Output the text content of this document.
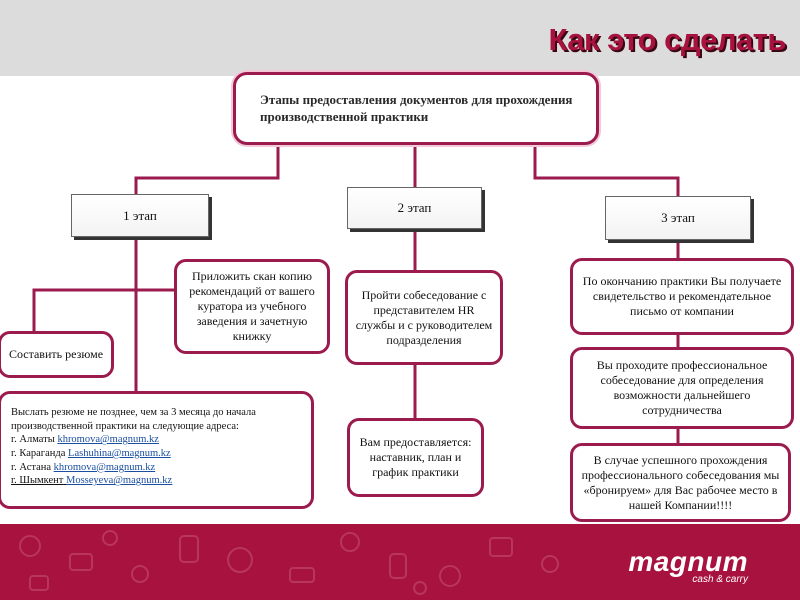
Как это сделать
Этапы предоставления документов для прохождения производственной практики
1 этап	2 этап
3 этап
Приложить скан копию рекомендаций от вашего куратора из учебного заведения и зачетную книжку
Составить резюме
Выслать резюме не позднее, чем за 3 месяца до начала производственной практики на следующие адреса:
г. Алматы khromova@magnum.kz
г. Караганда Lashuhina@magnum.kz
г. Астана khromova@magnum.kz
г. Шымкент Mosseyeva@magnum.kz
Пройти собеседование с представителем HR службы и с руководителем подразделения
Вам предоставляется: наставник, план и график практики
По окончанию практики Вы получаете свидетельство и рекомендательное письмо от компании
Вы проходите профессиональное собеседование для определения возможности дальнейшего сотрудничества
В случае успешного прохождения профессионального собеседования мы «бронируем» для Вас рабочее место в нашей Компании!!!!
magnum
cash & carry
